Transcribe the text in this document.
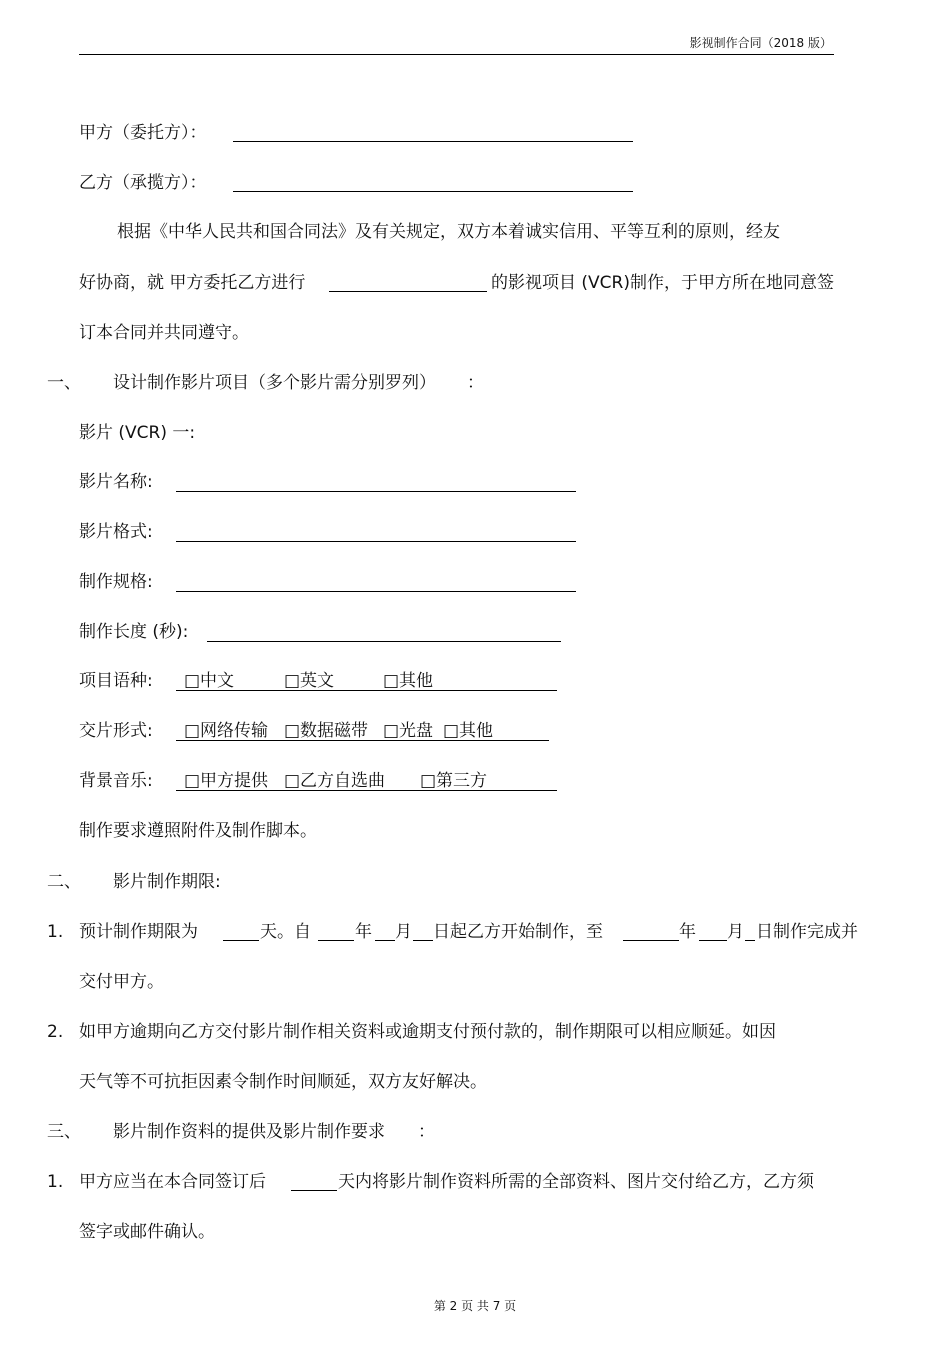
影视制作合同（2018 版）
甲方（委托方）：
乙方（承揽方）：
根据《中华人民共和国合同法》及有关规定，双方本着诚实信用、平等互利的原则，经友
好协商，就 甲方委托乙方进行	的影视项目 (VCR)制作，于甲方所在地同意签
订本合同并共同遵守。
一、 设计制作影片项目（多个影片需分别罗列） ：
影片 (VCR) 一:
影片名称:
影片格式:
制作规格:
制作长度 (秒):
项目语种: □中文	□英文	□其他
交片形式: □网络传输 □数据磁带 □光盘 □其他
背景音乐: □甲方提供 □乙方自选曲 □第三方
制作要求遵照附件及制作脚本。
二、 影片制作期限:
1. 预计制作期限为	天。自	年 月 日起乙方开始制作，至	年 月 日制作完成并
交付甲方。
2. 如甲方逾期向乙方交付影片制作相关资料或逾期支付预付款的，制作期限可以相应顺延。如因
天气等不可抗拒因素令制作时间顺延，双方友好解决。
三、 影片制作资料的提供及影片制作要求 ：
1. 甲方应当在本合同签订后	天内将影片制作资料所需的全部资料、图片交付给乙方，乙方须
签字或邮件确认。
第 2 页 共 7 页
